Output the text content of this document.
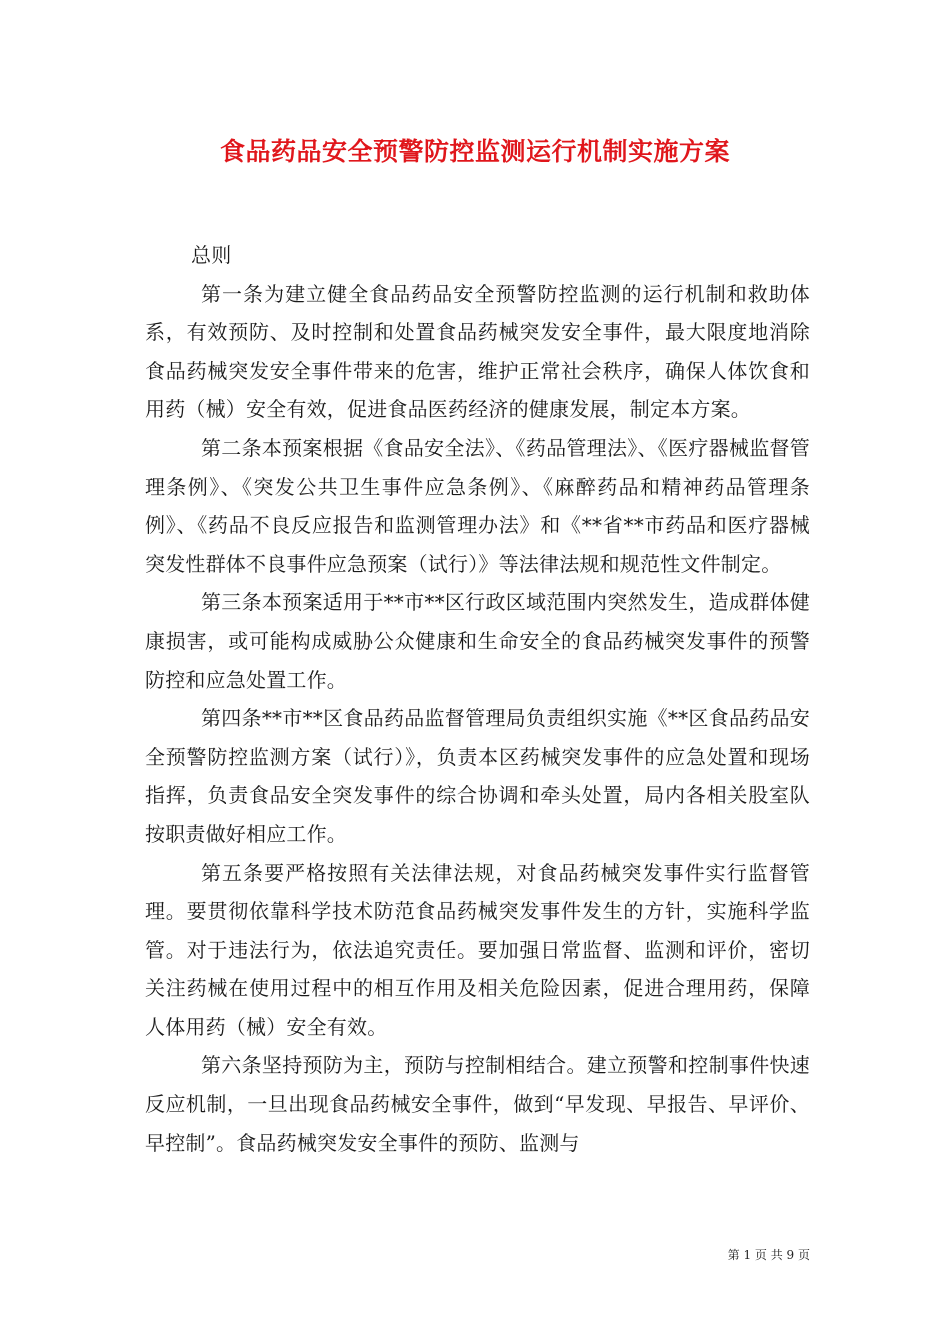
食品药品安全预警防控监测运行机制实施方案

总则

第一条为建立健全食品药品安全预警防控监测的运行机制和救助体系，有效预防、及时控制和处置食品药械突发安全事件，最大限度地消除食品药械突发安全事件带来的危害，维护正常社会秩序，确保人体饮食和用药（械）安全有效，促进食品医药经济的健康发展，制定本方案。

第二条本预案根据《食品安全法》、《药品管理法》、《医疗器械监督管理条例》、《突发公共卫生事件应急条例》、《麻醉药品和精神药品管理条例》、《药品不良反应报告和监测管理办法》和《**省**市药品和医疗器械突发性群体不良事件应急预案（试行）》等法律法规和规范性文件制定。

第三条本预案适用于**市**区行政区域范围内突然发生，造成群体健康损害，或可能构成威胁公众健康和生命安全的食品药械突发事件的预警防控和应急处置工作。

第四条**市**区食品药品监督管理局负责组织实施《**区食品药品安全预警防控监测方案（试行）》，负责本区药械突发事件的应急处置和现场指挥，负责食品安全突发事件的综合协调和牵头处置，局内各相关股室队按职责做好相应工作。

第五条要严格按照有关法律法规，对食品药械突发事件实行监督管理。要贯彻依靠科学技术防范食品药械突发事件发生的方针，实施科学监管。对于违法行为，依法追究责任。要加强日常监督、监测和评价，密切关注药械在使用过程中的相互作用及相关危险因素，促进合理用药，保障人体用药（械）安全有效。

第六条坚持预防为主，预防与控制相结合。建立预警和控制事件快速反应机制，一旦出现食品药械安全事件，做到“早发现、早报告、早评价、早控制”。食品药械突发安全事件的预防、监测与

第 1 页 共 9 页
